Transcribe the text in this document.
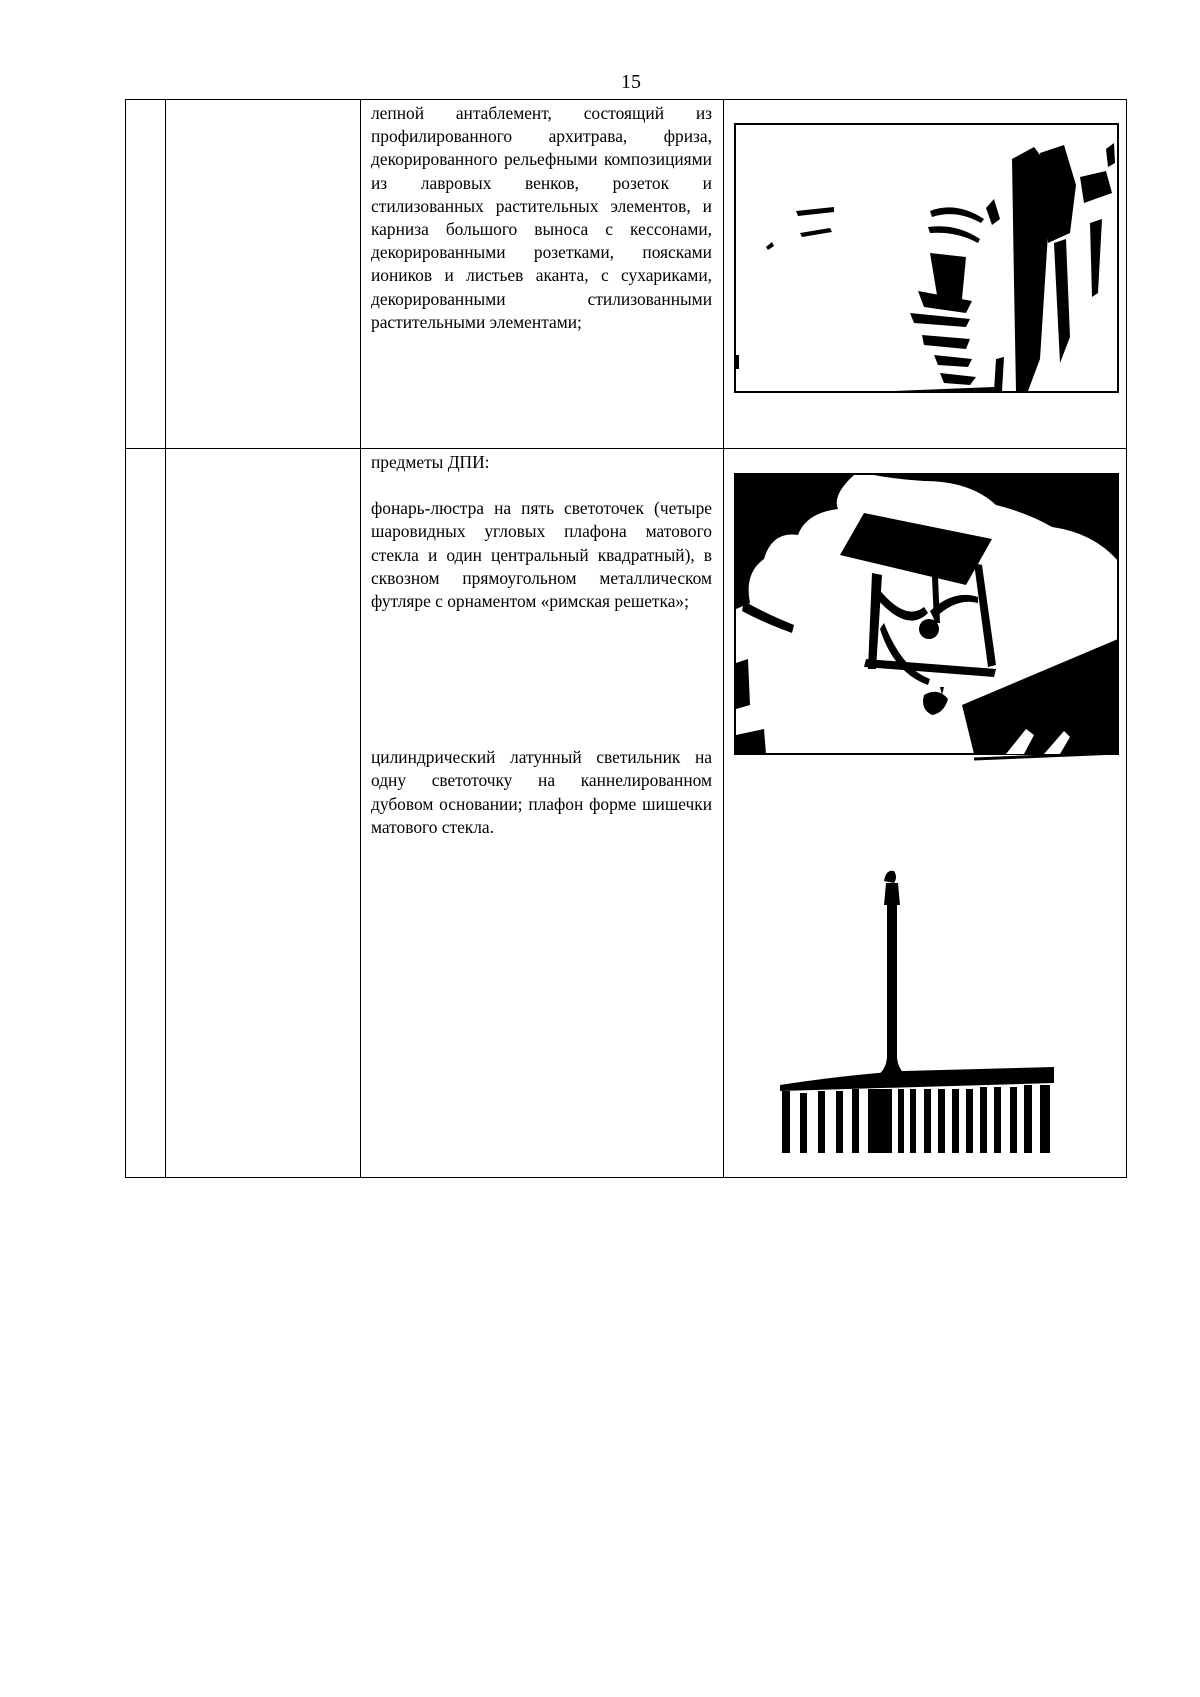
15

		лепной антаблемент, состоящий из профилированного архитрава, фриза, декорированного рельефными композициями из лавровых венков, розеток и стилизованных растительных элементов, и карниза большого выноса с кессонами, декорированными розетками, поясками иоников и листьев аканта, с сухариками, декорированными стилизованными растительными элементами;

		предметы ДПИ:

фонарь-люстра на пять светоточек (четыре шаровидных угловых плафона матового стекла и один центральный квадратный), в сквозном прямоугольном металлическом футляре с орнаментом «римская решетка»;

цилиндрический латунный светильник на одну светоточку на каннелированном дубовом основании; плафон форме шишечки матового стекла.
